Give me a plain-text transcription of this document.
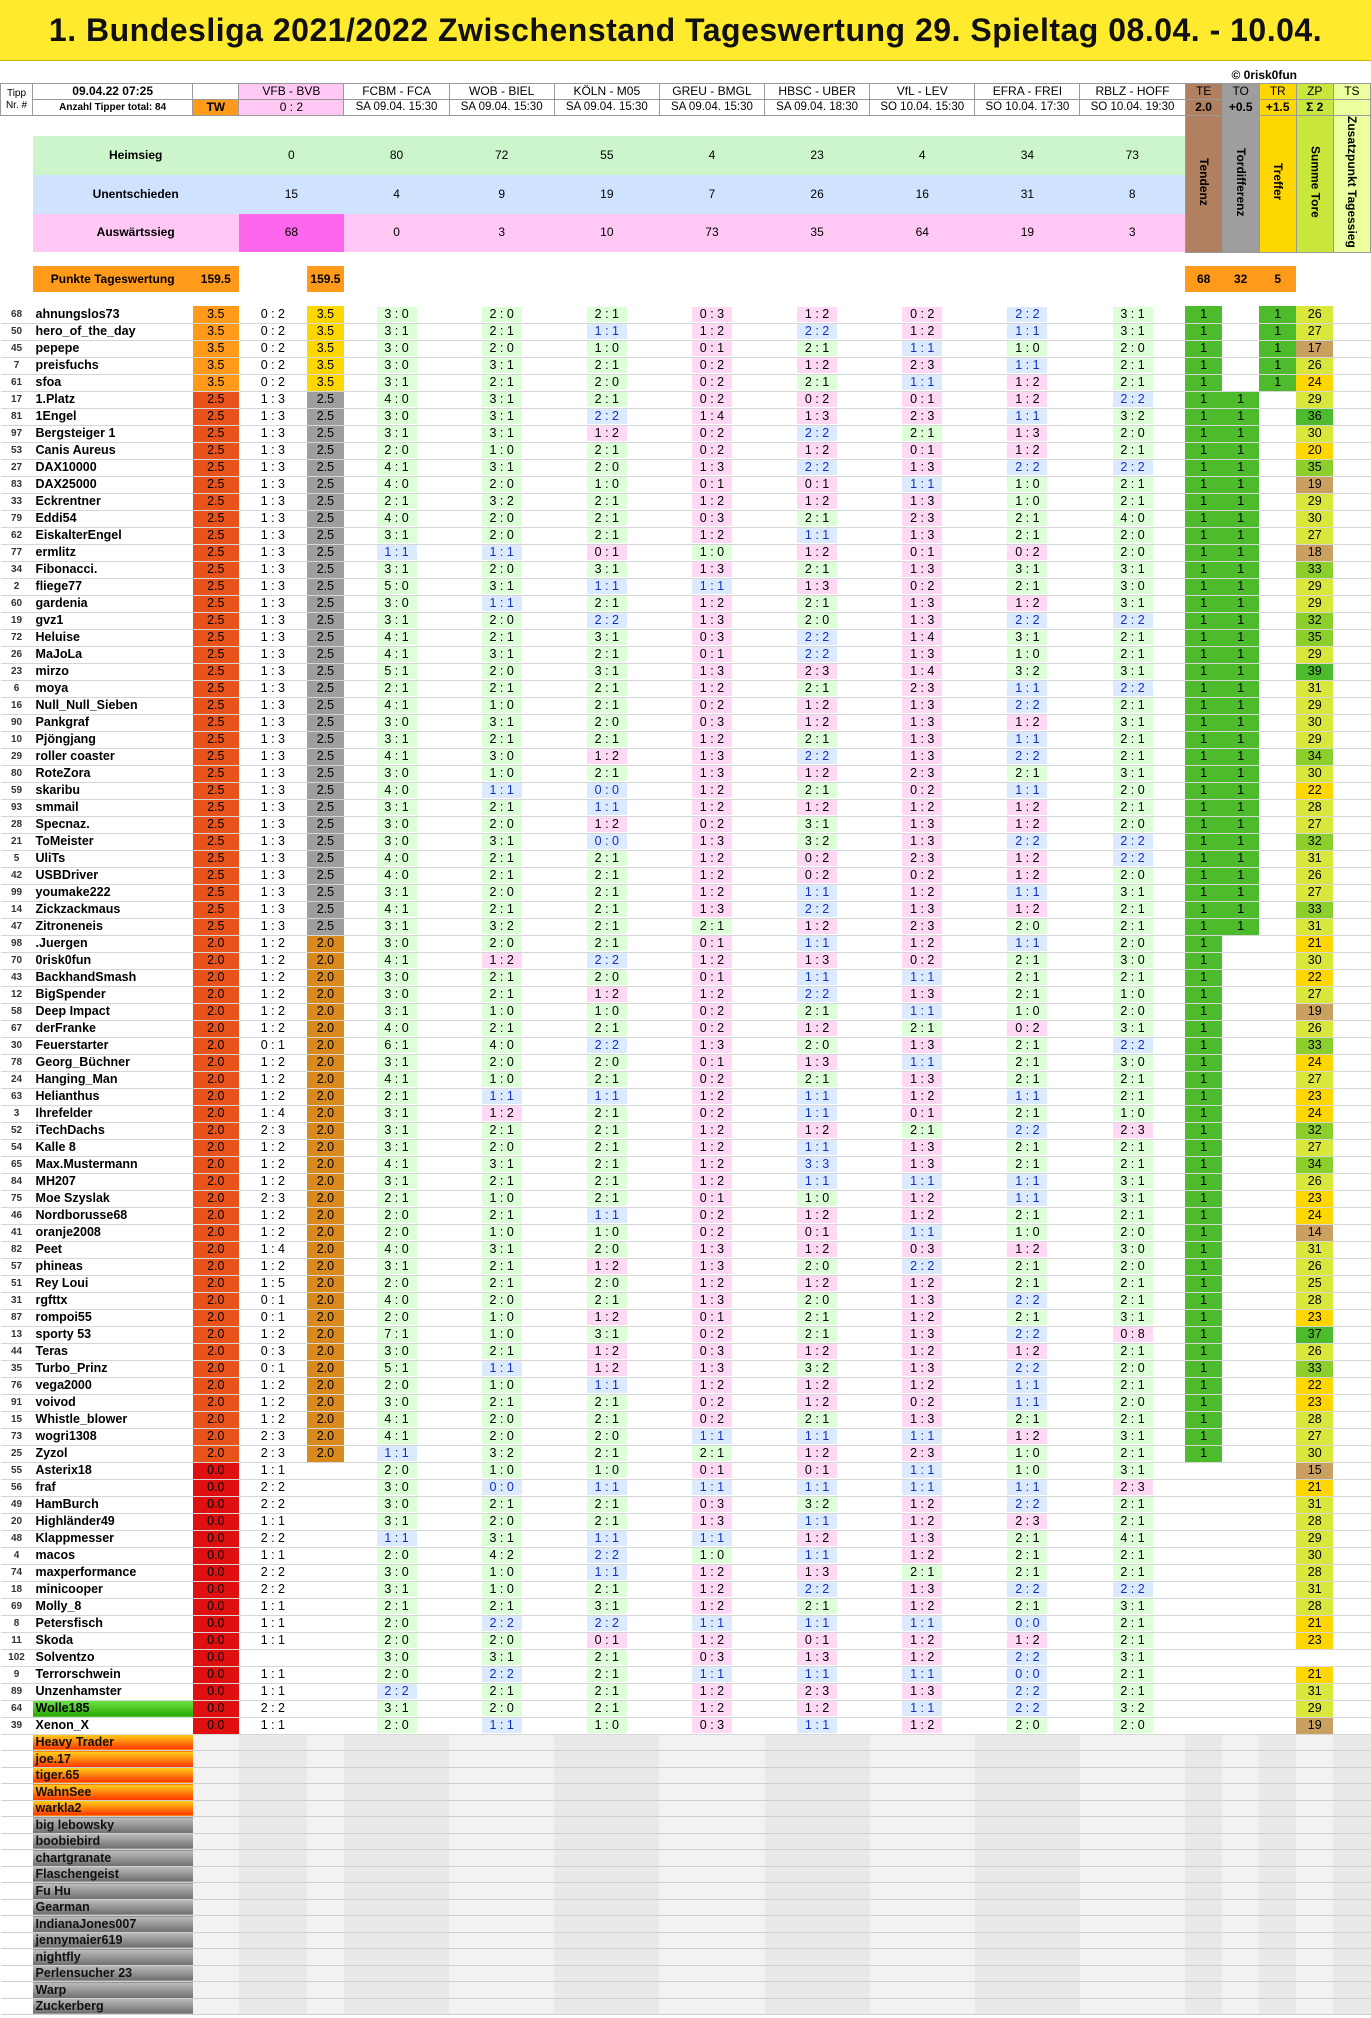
1. Bundesliga 2021/2022 Zwischenstand Tageswertung 29. Spieltag 08.04. - 10.04.
© 0risk0fun
Tipp
Nr. #	09.04.22 07:25		VFB - BVB		FCBM - FCA	WOB - BIEL	KÖLN - M05	GREU - BMGL	HBSC - UBER	VfL - LEV	EFRA - FREI	RBLZ - HOFF	TE	TO	TR	ZP	TS
	Anzahl Tipper total: 84	TW	0 : 2		SA 09.04. 15:30	SA 09.04. 15:30	SA 09.04. 15:30	SA 09.04. 15:30	SA 09.04. 18:30	SO 10.04. 15:30	SO 10.04. 17:30	SO 10.04. 19:30	2.0	+0.5	+1.5	Σ 2	
													Tendenz	Tordifferenz	Treffer	Summe Tore	Zusatzpunkt Tagessieg
	Heimsieg		0		80	72	55	4	23	4	34	73					
	Unentschieden		15		4	9	19	7	26	16	31	8					
	Auswärtssieg		68		0	3	10	73	35	64	19	3					

	Punkte Tageswertung	159.5		159.5									68	32	5		

68	ahnungslos73	3.5	0 : 2	3.5	3 : 0	2 : 0	2 : 1	0 : 3	1 : 2	0 : 2	2 : 2	3 : 1	1		1	26	
50	hero_of_the_day	3.5	0 : 2	3.5	3 : 1	2 : 1	1 : 1	1 : 2	2 : 2	1 : 2	1 : 1	3 : 1	1		1	27	
45	pepepe	3.5	0 : 2	3.5	3 : 0	2 : 0	1 : 0	0 : 1	2 : 1	1 : 1	1 : 0	2 : 0	1		1	17	
7	preisfuchs	3.5	0 : 2	3.5	3 : 0	3 : 1	2 : 1	0 : 2	1 : 2	2 : 3	1 : 1	2 : 1	1		1	26	
61	sfoa	3.5	0 : 2	3.5	3 : 1	2 : 1	2 : 0	0 : 2	2 : 1	1 : 1	1 : 2	2 : 1	1		1	24	
17	1.Platz	2.5	1 : 3	2.5	4 : 0	3 : 1	2 : 1	0 : 2	0 : 2	0 : 1	1 : 2	2 : 2	1	1		29	
81	1Engel	2.5	1 : 3	2.5	3 : 0	3 : 1	2 : 2	1 : 4	1 : 3	2 : 3	1 : 1	3 : 2	1	1		36	
97	Bergsteiger 1	2.5	1 : 3	2.5	3 : 1	3 : 1	1 : 2	0 : 2	2 : 2	2 : 1	1 : 3	2 : 0	1	1		30	
53	Canis Aureus	2.5	1 : 3	2.5	2 : 0	1 : 0	2 : 1	0 : 2	1 : 2	0 : 1	1 : 2	2 : 1	1	1		20	
27	DAX10000	2.5	1 : 3	2.5	4 : 1	3 : 1	2 : 0	1 : 3	2 : 2	1 : 3	2 : 2	2 : 2	1	1		35	
83	DAX25000	2.5	1 : 3	2.5	4 : 0	2 : 0	1 : 0	0 : 1	0 : 1	1 : 1	1 : 0	2 : 1	1	1		19	
33	Eckrentner	2.5	1 : 3	2.5	2 : 1	3 : 2	2 : 1	1 : 2	1 : 2	1 : 3	1 : 0	2 : 1	1	1		29	
79	Eddi54	2.5	1 : 3	2.5	4 : 0	2 : 0	2 : 1	0 : 3	2 : 1	2 : 3	2 : 1	4 : 0	1	1		30	
62	EiskalterEngel	2.5	1 : 3	2.5	3 : 1	2 : 0	2 : 1	1 : 2	1 : 1	1 : 3	2 : 1	2 : 0	1	1		27	
77	ermlitz	2.5	1 : 3	2.5	1 : 1	1 : 1	0 : 1	1 : 0	1 : 2	0 : 1	0 : 2	2 : 0	1	1		18	
34	Fibonacci.	2.5	1 : 3	2.5	3 : 1	2 : 0	3 : 1	1 : 3	2 : 1	1 : 3	3 : 1	3 : 1	1	1		33	
2	fliege77	2.5	1 : 3	2.5	5 : 0	3 : 1	1 : 1	1 : 1	1 : 3	0 : 2	2 : 1	3 : 0	1	1		29	
60	gardenia	2.5	1 : 3	2.5	3 : 0	1 : 1	2 : 1	1 : 2	2 : 1	1 : 3	1 : 2	3 : 1	1	1		29	
19	gvz1	2.5	1 : 3	2.5	3 : 1	2 : 0	2 : 2	1 : 3	2 : 0	1 : 3	2 : 2	2 : 2	1	1		32	
72	Heluise	2.5	1 : 3	2.5	4 : 1	2 : 1	3 : 1	0 : 3	2 : 2	1 : 4	3 : 1	2 : 1	1	1		35	
26	MaJoLa	2.5	1 : 3	2.5	4 : 1	3 : 1	2 : 1	0 : 1	2 : 2	1 : 3	1 : 0	2 : 1	1	1		29	
23	mirzo	2.5	1 : 3	2.5	5 : 1	2 : 0	3 : 1	1 : 3	2 : 3	1 : 4	3 : 2	3 : 1	1	1		39	
6	moya	2.5	1 : 3	2.5	2 : 1	2 : 1	2 : 1	1 : 2	2 : 1	2 : 3	1 : 1	2 : 2	1	1		31	
16	Null_Null_Sieben	2.5	1 : 3	2.5	4 : 1	1 : 0	2 : 1	0 : 2	1 : 2	1 : 3	2 : 2	2 : 1	1	1		29	
90	Pankgraf	2.5	1 : 3	2.5	3 : 0	3 : 1	2 : 0	0 : 3	1 : 2	1 : 3	1 : 2	3 : 1	1	1		30	
10	Pjöngjang	2.5	1 : 3	2.5	3 : 1	2 : 1	2 : 1	1 : 2	2 : 1	1 : 3	1 : 1	2 : 1	1	1		29	
29	roller coaster	2.5	1 : 3	2.5	4 : 1	3 : 0	1 : 2	1 : 3	2 : 2	1 : 3	2 : 2	2 : 1	1	1		34	
80	RoteZora	2.5	1 : 3	2.5	3 : 0	1 : 0	2 : 1	1 : 3	1 : 2	2 : 3	2 : 1	3 : 1	1	1		30	
59	skaribu	2.5	1 : 3	2.5	4 : 0	1 : 1	0 : 0	1 : 2	2 : 1	0 : 2	1 : 1	2 : 0	1	1		22	
93	smmail	2.5	1 : 3	2.5	3 : 1	2 : 1	1 : 1	1 : 2	1 : 2	1 : 2	1 : 2	2 : 1	1	1		28	
28	Specnaz.	2.5	1 : 3	2.5	3 : 0	2 : 0	1 : 2	0 : 2	3 : 1	1 : 3	1 : 2	2 : 0	1	1		27	
21	ToMeister	2.5	1 : 3	2.5	3 : 0	3 : 1	0 : 0	1 : 3	3 : 2	1 : 3	2 : 2	2 : 2	1	1		32	
5	UliTs	2.5	1 : 3	2.5	4 : 0	2 : 1	2 : 1	1 : 2	0 : 2	2 : 3	1 : 2	2 : 2	1	1		31	
42	USBDriver	2.5	1 : 3	2.5	4 : 0	2 : 1	2 : 1	1 : 2	0 : 2	0 : 2	1 : 2	2 : 0	1	1		26	
99	youmake222	2.5	1 : 3	2.5	3 : 1	2 : 0	2 : 1	1 : 2	1 : 1	1 : 2	1 : 1	3 : 1	1	1		27	
14	Zickzackmaus	2.5	1 : 3	2.5	4 : 1	2 : 1	2 : 1	1 : 3	2 : 2	1 : 3	1 : 2	2 : 1	1	1		33	
47	Zitroneneis	2.5	1 : 3	2.5	3 : 1	3 : 2	2 : 1	2 : 1	1 : 2	2 : 3	2 : 0	2 : 1	1	1		31	
98	.Juergen	2.0	1 : 2	2.0	3 : 0	2 : 0	2 : 1	0 : 1	1 : 1	1 : 2	1 : 1	2 : 0	1			21	
70	0risk0fun	2.0	1 : 2	2.0	4 : 1	1 : 2	2 : 2	1 : 2	1 : 3	0 : 2	2 : 1	3 : 0	1			30	
43	BackhandSmash	2.0	1 : 2	2.0	3 : 0	2 : 1	2 : 0	0 : 1	1 : 1	1 : 1	2 : 1	2 : 1	1			22	
12	BigSpender	2.0	1 : 2	2.0	3 : 0	2 : 1	1 : 2	1 : 2	2 : 2	1 : 3	2 : 1	1 : 0	1			27	
58	Deep Impact	2.0	1 : 2	2.0	3 : 1	1 : 0	1 : 0	0 : 2	2 : 1	1 : 1	1 : 0	2 : 0	1			19	
67	derFranke	2.0	1 : 2	2.0	4 : 0	2 : 1	2 : 1	0 : 2	1 : 2	2 : 1	0 : 2	3 : 1	1			26	
30	Feuerstarter	2.0	0 : 1	2.0	6 : 1	4 : 0	2 : 2	1 : 3	2 : 0	1 : 3	2 : 1	2 : 2	1			33	
78	Georg_Büchner	2.0	1 : 2	2.0	3 : 1	2 : 0	2 : 0	0 : 1	1 : 3	1 : 1	2 : 1	3 : 0	1			24	
24	Hanging_Man	2.0	1 : 2	2.0	4 : 1	1 : 0	2 : 1	0 : 2	2 : 1	1 : 3	2 : 1	2 : 1	1			27	
63	Helianthus	2.0	1 : 2	2.0	2 : 1	1 : 1	1 : 1	1 : 2	1 : 1	1 : 2	1 : 1	2 : 1	1			23	
3	Ihrefelder	2.0	1 : 4	2.0	3 : 1	1 : 2	2 : 1	0 : 2	1 : 1	0 : 1	2 : 1	1 : 0	1			24	
52	iTechDachs	2.0	2 : 3	2.0	3 : 1	2 : 1	2 : 1	1 : 2	1 : 2	2 : 1	2 : 2	2 : 3	1			32	
54	Kalle 8	2.0	1 : 2	2.0	3 : 1	2 : 0	2 : 1	1 : 2	1 : 1	1 : 3	2 : 1	2 : 1	1			27	
65	Max.Mustermann	2.0	1 : 2	2.0	4 : 1	3 : 1	2 : 1	1 : 2	3 : 3	1 : 3	2 : 1	2 : 1	1			34	
84	MH207	2.0	1 : 2	2.0	3 : 1	2 : 1	2 : 1	1 : 2	1 : 1	1 : 1	1 : 1	3 : 1	1			26	
75	Moe Szyslak	2.0	2 : 3	2.0	2 : 1	1 : 0	2 : 1	0 : 1	1 : 0	1 : 2	1 : 1	3 : 1	1			23	
46	Nordborusse68	2.0	1 : 2	2.0	2 : 0	2 : 1	1 : 1	0 : 2	1 : 2	1 : 2	2 : 1	2 : 1	1			24	
41	oranje2008	2.0	1 : 2	2.0	2 : 0	1 : 0	1 : 0	0 : 2	0 : 1	1 : 1	1 : 0	2 : 0	1			14	
82	Peet	2.0	1 : 4	2.0	4 : 0	3 : 1	2 : 0	1 : 3	1 : 2	0 : 3	1 : 2	3 : 0	1			31	
57	phineas	2.0	1 : 2	2.0	3 : 1	2 : 1	1 : 2	1 : 3	2 : 0	2 : 2	2 : 1	2 : 0	1			26	
51	Rey Loui	2.0	1 : 5	2.0	2 : 0	2 : 1	2 : 0	1 : 2	1 : 2	1 : 2	2 : 1	2 : 1	1			25	
31	rgfttx	2.0	0 : 1	2.0	4 : 0	2 : 0	2 : 1	1 : 3	2 : 0	1 : 3	2 : 2	2 : 1	1			28	
87	rompoi55	2.0	0 : 1	2.0	2 : 0	1 : 0	1 : 2	0 : 1	2 : 1	1 : 2	2 : 1	3 : 1	1			23	
13	sporty 53	2.0	1 : 2	2.0	7 : 1	1 : 0	3 : 1	0 : 2	2 : 1	1 : 3	2 : 2	0 : 8	1			37	
44	Teras	2.0	0 : 3	2.0	3 : 0	2 : 1	1 : 2	0 : 3	1 : 2	1 : 2	1 : 2	2 : 1	1			26	
35	Turbo_Prinz	2.0	0 : 1	2.0	5 : 1	1 : 1	1 : 2	1 : 3	3 : 2	1 : 3	2 : 2	2 : 0	1			33	
76	vega2000	2.0	1 : 2	2.0	2 : 0	1 : 0	1 : 1	1 : 2	1 : 2	1 : 2	1 : 1	2 : 1	1			22	
91	voivod	2.0	1 : 2	2.0	3 : 0	2 : 1	2 : 1	0 : 2	1 : 2	0 : 2	1 : 1	2 : 0	1			23	
15	Whistle_blower	2.0	1 : 2	2.0	4 : 1	2 : 0	2 : 1	0 : 2	2 : 1	1 : 3	2 : 1	2 : 1	1			28	
73	wogri1308	2.0	2 : 3	2.0	4 : 1	2 : 0	2 : 0	1 : 1	1 : 1	1 : 1	1 : 2	3 : 1	1			27	
25	Zyzol	2.0	2 : 3	2.0	1 : 1	3 : 2	2 : 1	2 : 1	1 : 2	2 : 3	1 : 0	2 : 1	1			30	
55	Asterix18	0.0	1 : 1		2 : 0	1 : 0	1 : 0	0 : 1	0 : 1	1 : 1	1 : 0	3 : 1				15	
56	fraf	0.0	2 : 2		3 : 0	0 : 0	1 : 1	1 : 1	1 : 1	1 : 1	1 : 1	2 : 3				21	
49	HamBurch	0.0	2 : 2		3 : 0	2 : 1	2 : 1	0 : 3	3 : 2	1 : 2	2 : 2	2 : 1				31	
20	Highländer49	0.0	1 : 1		3 : 1	2 : 0	2 : 1	1 : 3	1 : 1	1 : 2	2 : 3	2 : 1				28	
48	Klappmesser	0.0	2 : 2		1 : 1	3 : 1	1 : 1	1 : 1	1 : 2	1 : 3	2 : 1	4 : 1				29	
4	macos	0.0	1 : 1		2 : 0	4 : 2	2 : 2	1 : 0	1 : 1	1 : 2	2 : 1	2 : 1				30	
74	maxperformance	0.0	2 : 2		3 : 0	1 : 0	1 : 1	1 : 2	1 : 3	2 : 1	2 : 1	2 : 1				28	
18	minicooper	0.0	2 : 2		3 : 1	1 : 0	2 : 1	1 : 2	2 : 2	1 : 3	2 : 2	2 : 2				31	
69	Molly_8	0.0	1 : 1		2 : 1	2 : 1	3 : 1	1 : 2	2 : 1	1 : 2	2 : 1	3 : 1				28	
8	Petersfisch	0.0	1 : 1		2 : 0	2 : 2	2 : 2	1 : 1	1 : 1	1 : 1	0 : 0	2 : 1				21	
11	Skoda	0.0	1 : 1		2 : 0	2 : 0	0 : 1	1 : 2	0 : 1	1 : 2	1 : 2	2 : 1				23	
102	Solventzo	0.0			3 : 0	3 : 1	2 : 1	0 : 3	1 : 3	1 : 2	2 : 2	3 : 1					
9	Terrorschwein	0.0	1 : 1		2 : 0	2 : 2	2 : 1	1 : 1	1 : 1	1 : 1	0 : 0	2 : 1				21	
89	Unzenhamster	0.0	1 : 1		2 : 2	2 : 1	2 : 1	1 : 2	2 : 3	1 : 3	2 : 2	2 : 1				31	
64	Wolle185	0.0	2 : 2		3 : 1	2 : 0	2 : 1	1 : 2	1 : 2	1 : 1	2 : 2	3 : 2				29	
39	Xenon_X	0.0	1 : 1		2 : 0	1 : 1	1 : 0	0 : 3	1 : 1	1 : 2	2 : 0	2 : 0				19	
	Heavy Trader																
	joe.17																
	tiger.65																
	WahnSee																
	warkla2																
	big lebowsky																
	boobiebird																
	chartgranate																
	Flaschengeist																
	Fu Hu																
	Gearman																
	IndianaJones007																
	jennymaier619																
	nightfly																
	Perlensucher 23																
	Warp																
	Zuckerberg																
